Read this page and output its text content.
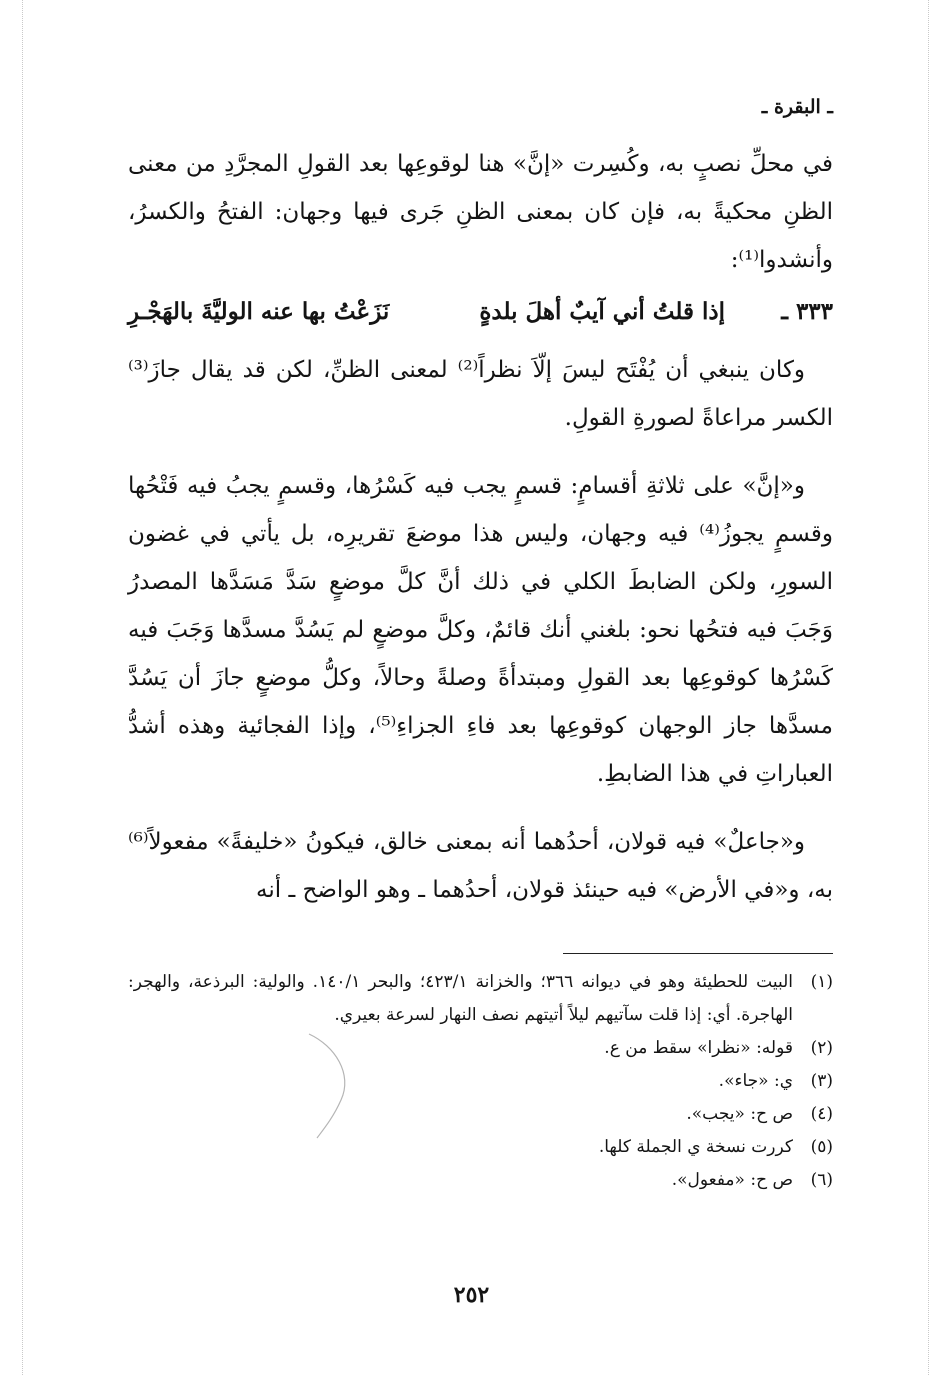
ـ البقرة ـ

في محلِّ نصبٍ به، وكُسِرت «إنَّ» هنا لوقوعِها بعد القولِ المجرَّدِ من معنى الظنِ محكيةً به، فإن كان بمعنى الظنِ جَرى فيها وجهان: الفتحُ والكسرُ، وأنشدوا⁽¹⁾:

٣٣٣ ـ
إذا قلتُ أني آيبٌ أهلَ بلدةٍ
نَزَعْتُ بها عنه الوليَّةَ بالهَجْـرِ

وكان ينبغي أن يُفْتَح ليسَ إلّاَ نظراً⁽²⁾ لمعنى الظنِّ، لكن قد يقال جازَ⁽³⁾ الكسر مراعاةً لصورةِ القولِ.

و«إنَّ» على ثلاثةِ أقسامٍ: قسمٍ يجب فيه كَسْرُها، وقسمٍ يجبُ فيه فَتْحُها وقسمٍ يجوزُ⁽⁴⁾ فيه وجهان، وليس هذا موضعَ تقريرِه، بل يأتي في غضون السورِ، ولكن الضابطَ الكلي في ذلك أنَّ كلَّ موضعٍ سَدَّ مَسَدَّها المصدرُ وَجَبَ فيه فتحُها نحو: بلغني أنك قائمٌ، وكلَّ موضعٍ لم يَسُدَّ مسدَّها وَجَبَ فيه كَسْرُها كوقوعِها بعد القولِ ومبتدأةً وصلةً وحالاً، وكلُّ موضعٍ جازَ أن يَسُدَّ مسدَّها جاز الوجهان كوقوعِها بعد فاءِ الجزاءِ⁽⁵⁾، وإذا الفجائية وهذه أشدُّ العباراتِ في هذا الضابطِ.

و«جاعلٌ» فيه قولان، أحدُهما أنه بمعنى خالق، فيكونُ «خليفةً» مفعولاً⁽⁶⁾ به، و«في الأرض» فيه حينئذ قولان، أحدُهما ـ وهو الواضح ـ أنه

(١)
البيت للحطيئة وهو في ديوانه ٣٦٦؛ والخزانة ٤٢٣/١؛ والبحر ١٤٠/١. والولية: البرذعة، والهجر: الهاجرة. أي: إذا قلت سآتيهم ليلاً أتيتهم نصف النهار لسرعة بعيري.
(٢)
قوله: «نظرا» سقط من ع.
(٣)
ي: «جاء».
(٤)
ص ح: «يجب».
(٥)
كررت نسخة ي الجملة كلها.
(٦)
ص ح: «مفعول».
٢٥٢
